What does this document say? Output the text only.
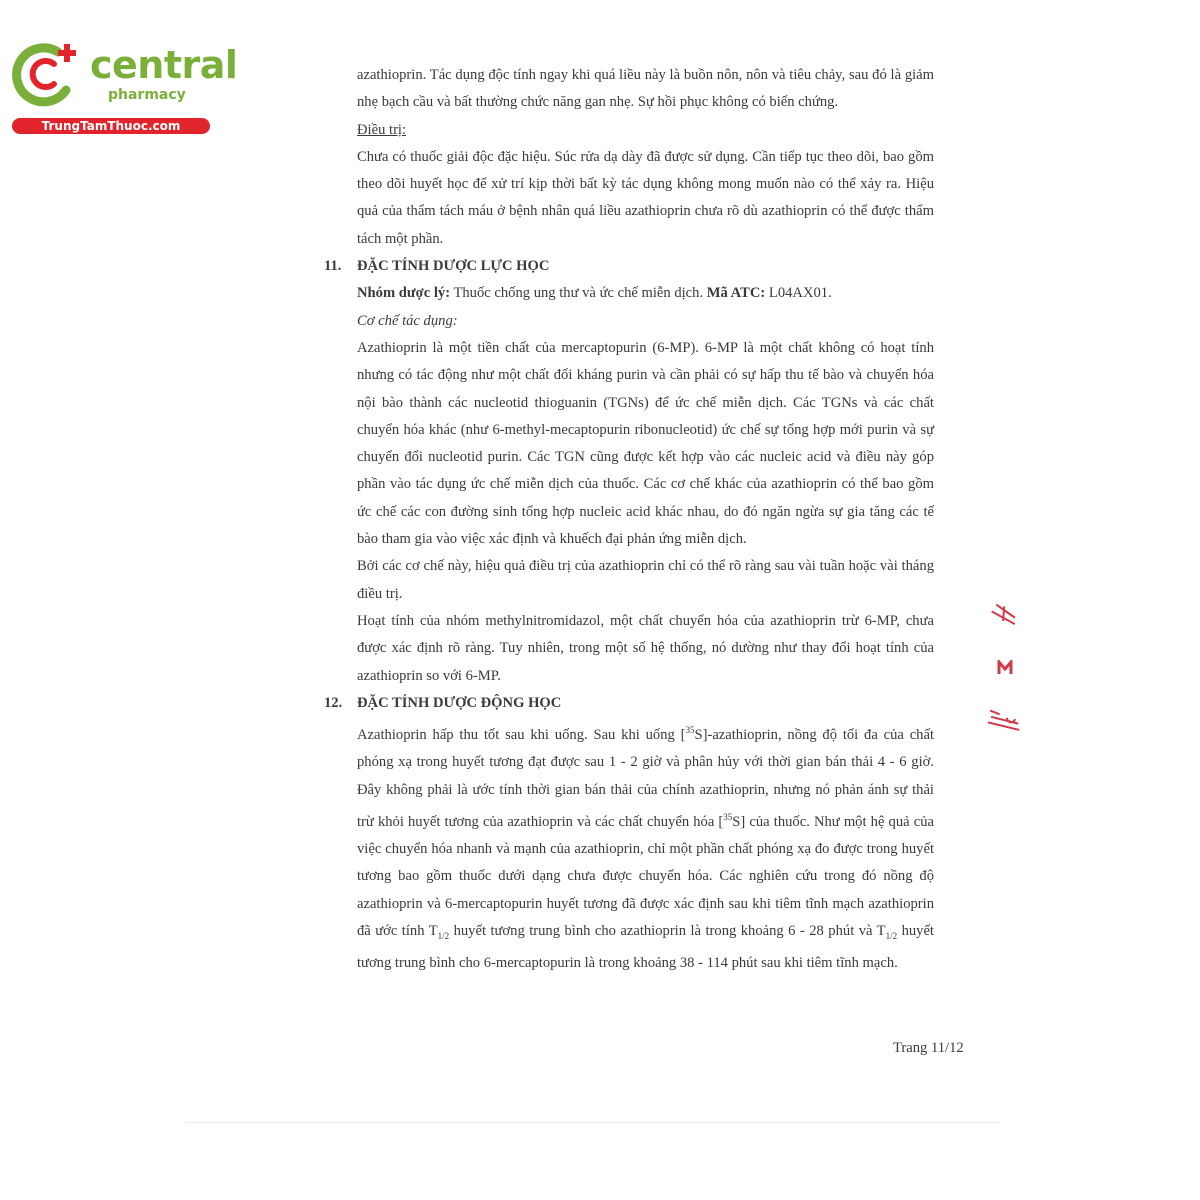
central
pharmacy
TrungTamThuoc.com

azathioprin. Tác dụng độc tính ngay khi quá liều này là buồn nôn, nôn và tiêu chảy, sau đó là giảm nhẹ bạch cầu và bất thường chức năng gan nhẹ. Sự hồi phục không có biến chứng.

Điều trị:

Chưa có thuốc giải độc đặc hiệu. Súc rửa dạ dày đã được sử dụng. Cần tiếp tục theo dõi, bao gồm theo dõi huyết học để xử trí kịp thời bất kỳ tác dụng không mong muốn nào có thể xảy ra. Hiệu quả của thẩm tách máu ở bệnh nhân quá liều azathioprin chưa rõ dù azathioprin có thể được thẩm tách một phần.

11. ĐẶC TÍNH DƯỢC LỰC HỌC

Nhóm dược lý: Thuốc chống ung thư và ức chế miễn dịch. Mã ATC: L04AX01.

Cơ chế tác dụng:

Azathioprin là một tiền chất của mercaptopurin (6-MP). 6-MP là một chất không có hoạt tính nhưng có tác động như một chất đối kháng purin và cần phải có sự hấp thu tế bào và chuyển hóa nội bào thành các nucleotid thioguanin (TGNs) để ức chế miễn dịch. Các TGNs và các chất chuyển hóa khác (như 6-methyl-mecaptopurin ribonucleotid) ức chế sự tổng hợp mới purin và sự chuyển đổi nucleotid purin. Các TGN cũng được kết hợp vào các nucleic acid và điều này góp phần vào tác dụng ức chế miễn dịch của thuốc. Các cơ chế khác của azathioprin có thể bao gồm ức chế các con đường sinh tổng hợp nucleic acid khác nhau, do đó ngăn ngừa sự gia tăng các tế bào tham gia vào việc xác định và khuếch đại phản ứng miễn dịch.

Bởi các cơ chế này, hiệu quả điều trị của azathioprin chỉ có thể rõ ràng sau vài tuần hoặc vài tháng điều trị.

Hoạt tính của nhóm methylnitromidazol, một chất chuyển hóa của azathioprin trừ 6-MP, chưa được xác định rõ ràng. Tuy nhiên, trong một số hệ thống, nó dường như thay đổi hoạt tính của azathioprin so với 6-MP.

12. ĐẶC TÍNH DƯỢC ĐỘNG HỌC

Azathioprin hấp thu tốt sau khi uống. Sau khi uống [$^{35}$S]-azathioprin, nồng độ tối đa của chất phóng xạ trong huyết tương đạt được sau 1 - 2 giờ và phân hủy với thời gian bán thải 4 - 6 giờ. Đây không phải là ước tính thời gian bán thải của chính azathioprin, nhưng nó phản ánh sự thải trừ khỏi huyết tương của azathioprin và các chất chuyển hóa [$^{35}$S] của thuốc. Như một hệ quả của việc chuyển hóa nhanh và mạnh của azathioprin, chỉ một phần chất phóng xạ đo được trong huyết tương bao gồm thuốc dưới dạng chưa được chuyển hóa. Các nghiên cứu trong đó nồng độ azathioprin và 6-mercaptopurin huyết tương đã được xác định sau khi tiêm tĩnh mạch azathioprin đã ước tính $T_{1/2}$ huyết tương trung bình cho azathioprin là trong khoảng 6 - 28 phút và $T_{1/2}$ huyết tương trung bình cho 6-mercaptopurin là trong khoảng 38 - 114 phút sau khi tiêm tĩnh mạch.

Trang 11/12
